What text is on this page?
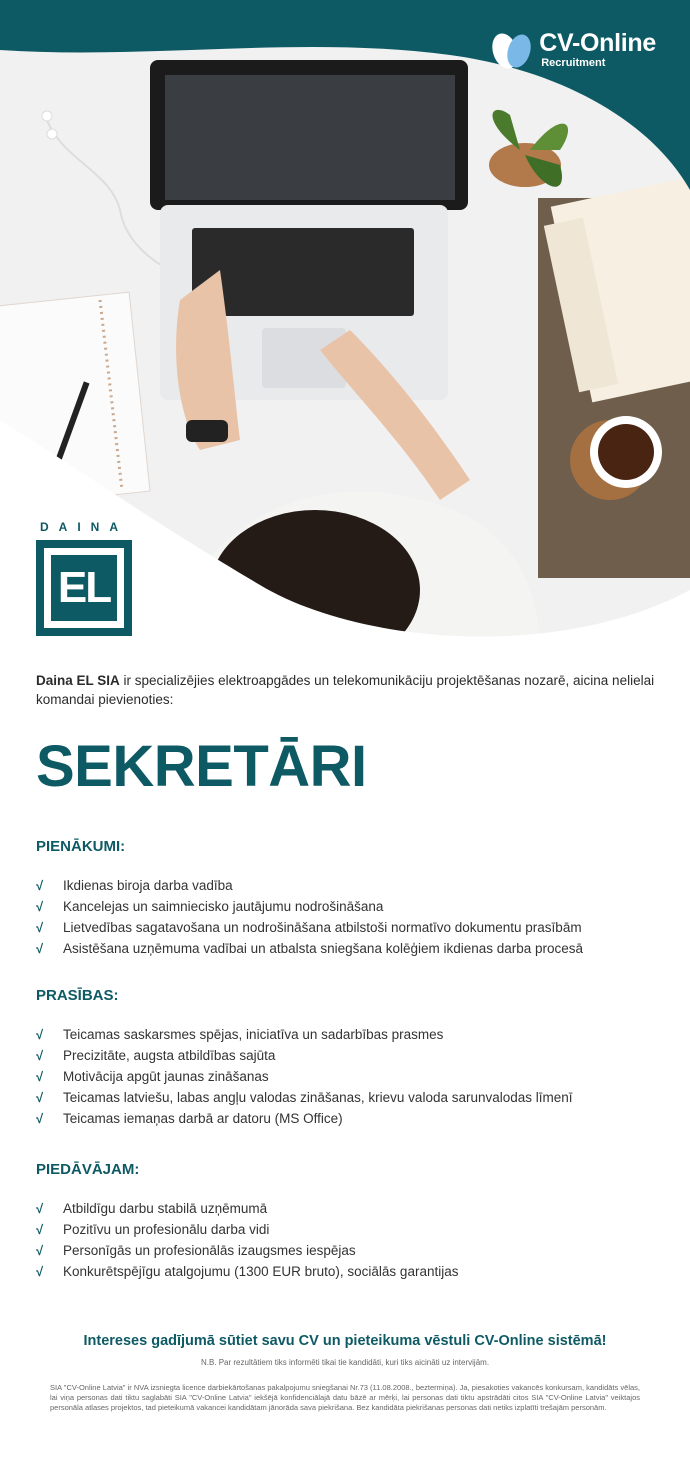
CV-Online
Recruitment
DAINA
EL

Daina EL SIA ir specializējies elektroapgādes un telekomunikāciju projektēšanas nozarē, aicina nelielai komandai pievienoties:

SEKRETĀRI
PIENĀKUMI:
√	Ikdienas biroja darba vadība
√	Kancelejas un saimniecisko jautājumu nodrošināšana
√	Lietvedības sagatavošana un nodrošināšana atbilstoši normatīvo dokumentu prasībām
√	Asistēšana uzņēmuma vadībai un atbalsta sniegšana kolēģiem ikdienas darba procesā
PRASĪBAS:
√	Teicamas saskarsmes spējas, iniciatīva un sadarbības prasmes
√	Precizitāte, augsta atbildības sajūta
√	Motivācija apgūt jaunas zināšanas
√	Teicamas latviešu, labas angļu valodas zināšanas, krievu valoda sarunvalodas līmenī
√	Teicamas iemaņas darbā ar datoru (MS Office)
PIEDĀVĀJAM:
√	Atbildīgu darbu stabilā uzņēmumā
√	Pozitīvu un profesionālu darba vidi
√	Personīgās un profesionālās izaugsmes iespējas
√	Konkurētspējīgu atalgojumu (1300 EUR bruto), sociālās garantijas
Intereses gadījumā sūtiet savu CV un pieteikuma vēstuli CV-Online sistēmā!
N.B. Par rezultātiem tiks informēti tikai tie kandidāti, kuri tiks aicināti uz intervijām.
SIA "CV-Online Latvia" ir NVA izsniegta licence darbiekārtošanas pakalpojumu sniegšanai Nr.73 (11.08.2008., beztermiņa). Ja, piesakoties vakancēs konkursam, kandidāts vēlas, lai viņa personas dati tiktu saglabāti SIA "CV-Online Latvia" iekšējā konfidenciālajā datu bāzē ar mērķi, lai personas dati tiktu apstrādāti citos SIA "CV-Online Latvia" veiktajos personāla atlases projektos, tad pieteikumā vakancei kandidātam jānorāda sava piekrišana. Bez kandidāta piekrišanas personas dati netiks izplatīti trešajām personām.
